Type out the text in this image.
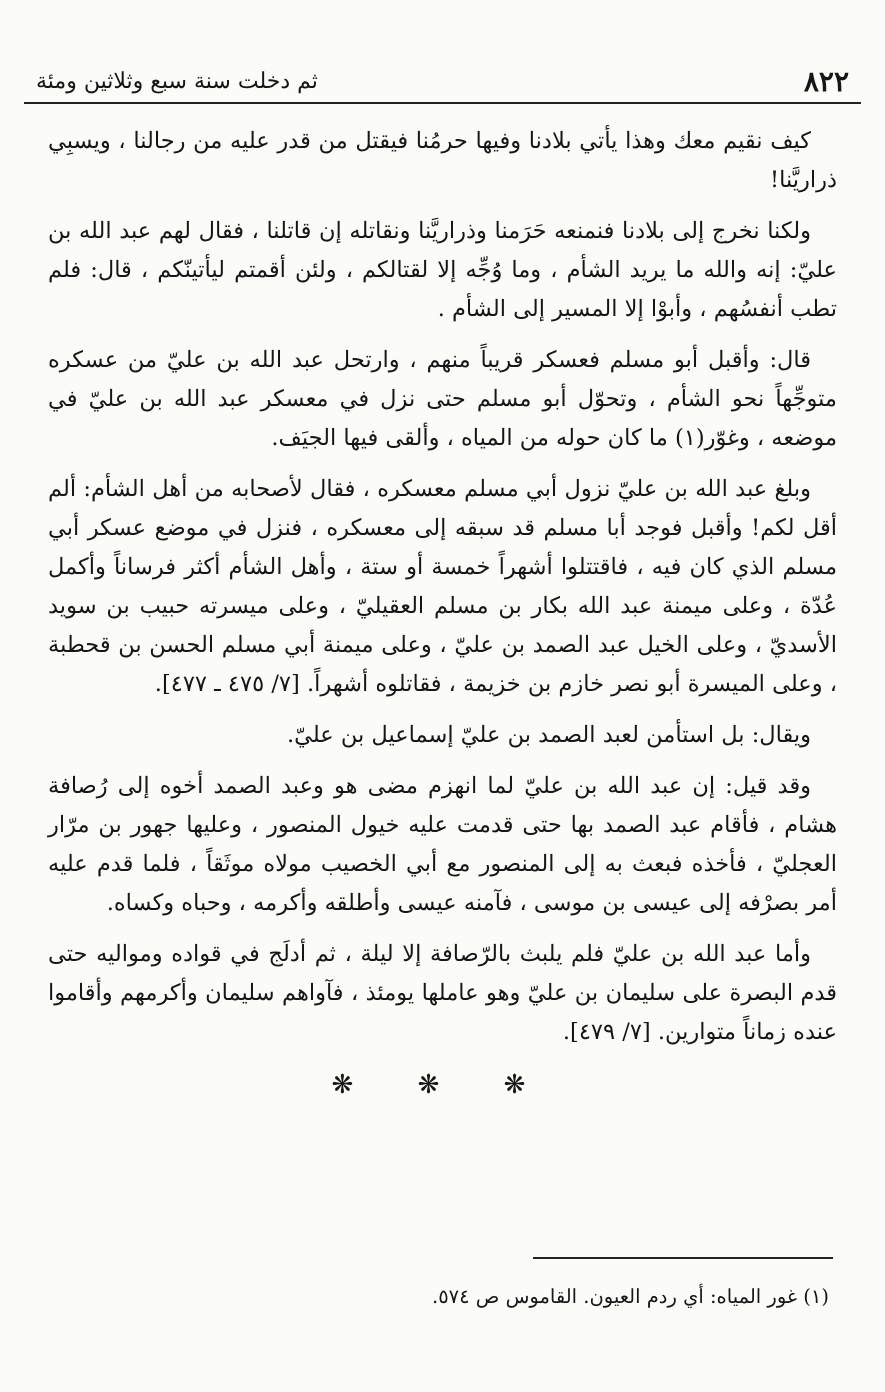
٨٢٢
ثم دخلت سنة سبع وثلاثين ومئة

كيف نقيم معك وهذا يأتي بلادنا وفيها حرمُنا فيقتل من قدر عليه من رجالنا ، ويسبِي ذراريَّنا!

ولكنا نخرج إلى بلادنا فنمنعه حَرَمنا وذراريَّنا ونقاتله إن قاتلنا ، فقال لهم عبد الله بن عليّ: إنه والله ما يريد الشأم ، وما وُجِّه إلا لقتالكم ، ولئن أقمتم ليأتينّكم ، قال: فلم تطب أنفسُهم ، وأبوْا إلا المسير إلى الشأم .

قال: وأقبل أبو مسلم فعسكر قريباً منهم ، وارتحل عبد الله بن عليّ من عسكره متوجِّهاً نحو الشأم ، وتحوّل أبو مسلم حتى نزل في معسكر عبد الله بن عليّ في موضعه ، وغوّر(١) ما كان حوله من المياه ، وألقى فيها الجيَف.

وبلغ عبد الله بن عليّ نزول أبي مسلم معسكره ، فقال لأصحابه من أهل الشأم: ألم أقل لكم! وأقبل فوجد أبا مسلم قد سبقه إلى معسكره ، فنزل في موضع عسكر أبي مسلم الذي كان فيه ، فاقتتلوا أشهراً خمسة أو ستة ، وأهل الشأم أكثر فرساناً وأكمل عُدّة ، وعلى ميمنة عبد الله بكار بن مسلم العقيليّ ، وعلى ميسرته حبيب بن سويد الأسديّ ، وعلى الخيل عبد الصمد بن عليّ ، وعلى ميمنة أبي مسلم الحسن بن قحطبة ، وعلى الميسرة أبو نصر خازم بن خزيمة ، فقاتلوه أشهراً. [٧/ ٤٧٥ ـ ٤٧٧].

ويقال: بل استأمن لعبد الصمد بن عليّ إسماعيل بن عليّ.

وقد قيل: إن عبد الله بن عليّ لما انهزم مضى هو وعبد الصمد أخوه إلى رُصافة هشام ، فأقام عبد الصمد بها حتى قدمت عليه خيول المنصور ، وعليها جهور بن مرّار العجليّ ، فأخذه فبعث به إلى المنصور مع أبي الخصيب مولاه موثَقاً ، فلما قدم عليه أمر بصرْفه إلى عيسى بن موسى ، فآمنه عيسى وأطلقه وأكرمه ، وحباه وكساه.

وأما عبد الله بن عليّ فلم يلبث بالرّصافة إلا ليلة ، ثم أدلَج في قواده ومواليه حتى قدم البصرة على سليمان بن عليّ وهو عاملها يومئذ ، فآواهم سليمان وأكرمهم وأقاموا عنده زماناً متوارين. [٧/ ٤٧٩].

❋ ❋ ❋
(١) غور المياه: أي ردم العيون. القاموس ص ٥٧٤.
